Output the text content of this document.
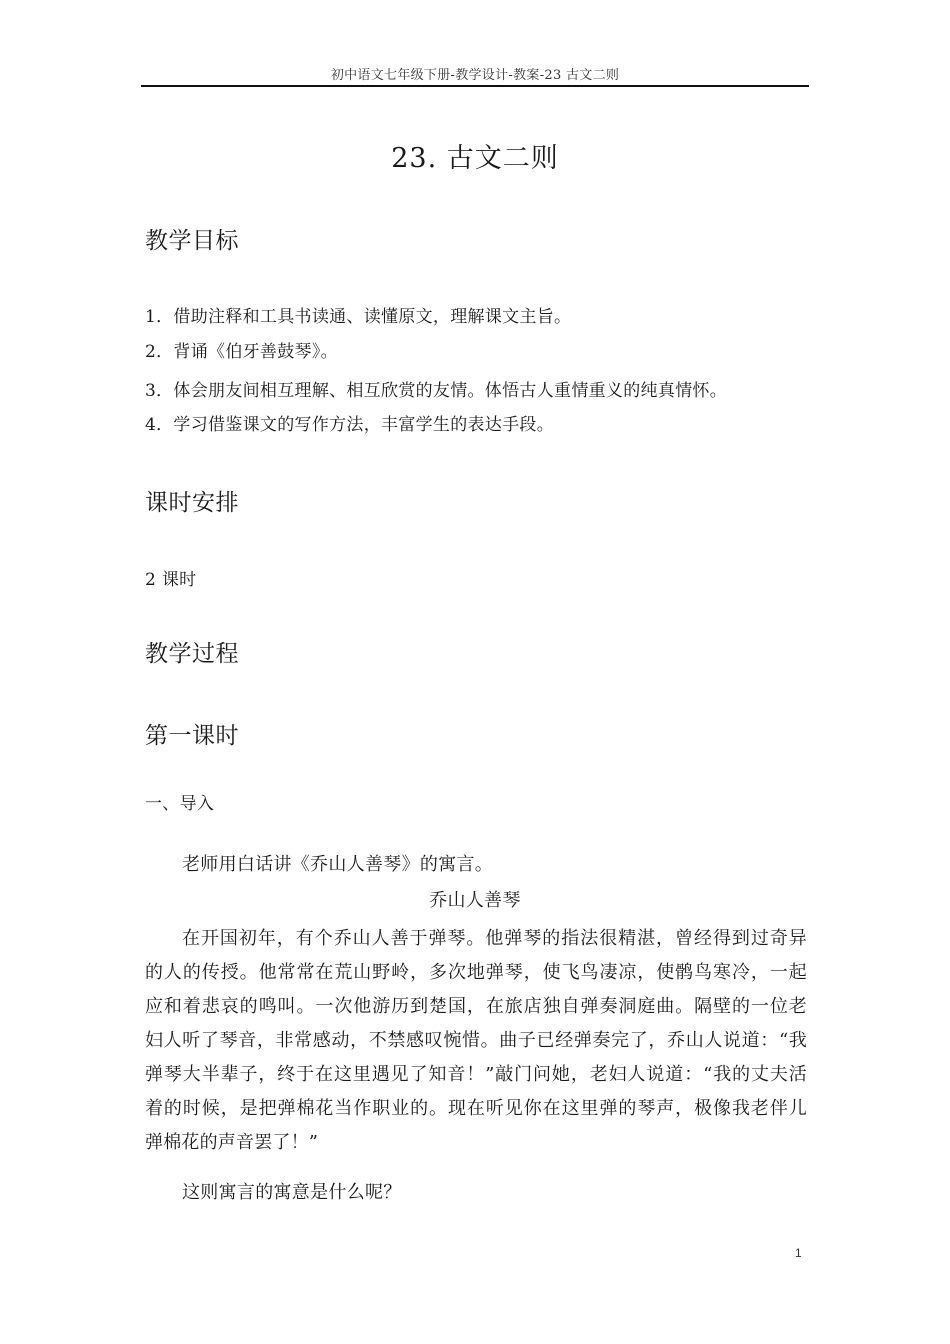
初中语文七年级下册-教学设计-教案-23 古文二则
23. 古文二则
教学目标
1．借助注释和工具书读通、读懂原文，理解课文主旨。
2．背诵《伯牙善鼓琴》。
3．体会朋友间相互理解、相互欣赏的友情。体悟古人重情重义的纯真情怀。
4．学习借鉴课文的写作方法，丰富学生的表达手段。
课时安排
2 课时
教学过程
第一课时
一、导入
老师用白话讲《乔山人善琴》的寓言。
乔山人善琴
在开国初年，有个乔山人善于弹琴。他弹琴的指法很精湛，曾经得到过奇异
的人的传授。他常常在荒山野岭，多次地弹琴，使飞鸟凄凉，使鹘鸟寒冷，一起
应和着悲哀的鸣叫。一次他游历到楚国，在旅店独自弹奏洞庭曲。隔壁的一位老
妇人听了琴音，非常感动，不禁感叹惋惜。曲子已经弹奏完了，乔山人说道：“我
弹琴大半辈子，终于在这里遇见了知音！”敲门问她，老妇人说道：“我的丈夫活
着的时候，是把弹棉花当作职业的。现在听见你在这里弹的琴声，极像我老伴儿
弹棉花的声音罢了！”
这则寓言的寓意是什么呢？
1
